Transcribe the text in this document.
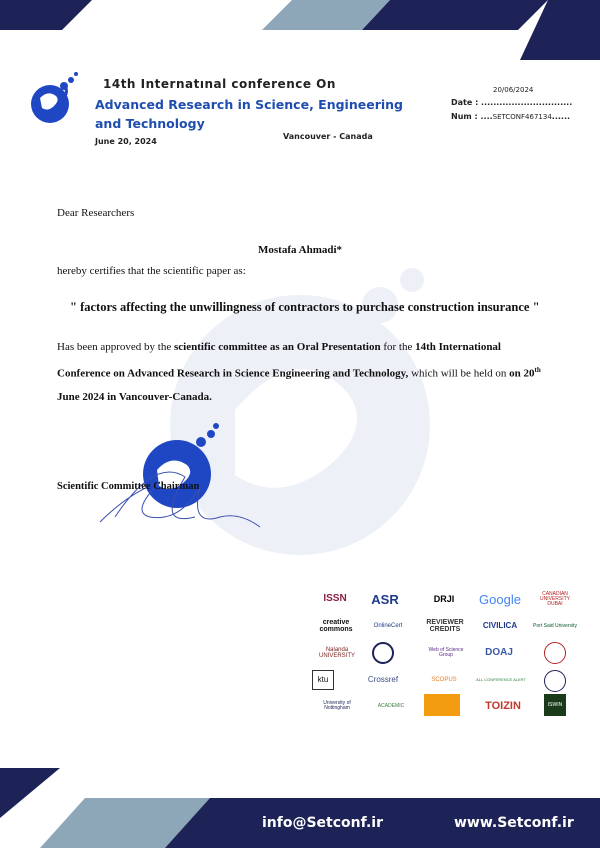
14th Internatınal conference On
Advanced Research in Science, Engineering
and Technology
June 20, 2024
Vancouver - Canada
20/06/2024
Date : ..............................
Num : ....SETCONF467134......
Dear Researchers
Mostafa Ahmadi*
hereby certifies that the scientific paper as:
" factors affecting the unwillingness of contractors to purchase construction insurance "
Has been approved by the scientific committee as an Oral Presentation for the 14th International
Conference on Advanced Research in Science Engineering and Technology, which will be held on on 20th
June 2024 in Vancouver-Canada.
Scientific Committee Chairman
ISSN	ASR	DRJI	Google	CANADIAN UNIVERSITY DUBAI
creative commons	OnlineCert	REVIEWER CREDITS	CIVILICA	Port Said University
Nalanda UNIVERSITY
Web of Science Group	DOAJ
ktu	Crossref	SCOPUS	ALL CONFERENCE ALERT
University of Nottingham	ACADEMIC	TOIZIN	ISWIN
info@Setconf.ir	www.Setconf.ir
